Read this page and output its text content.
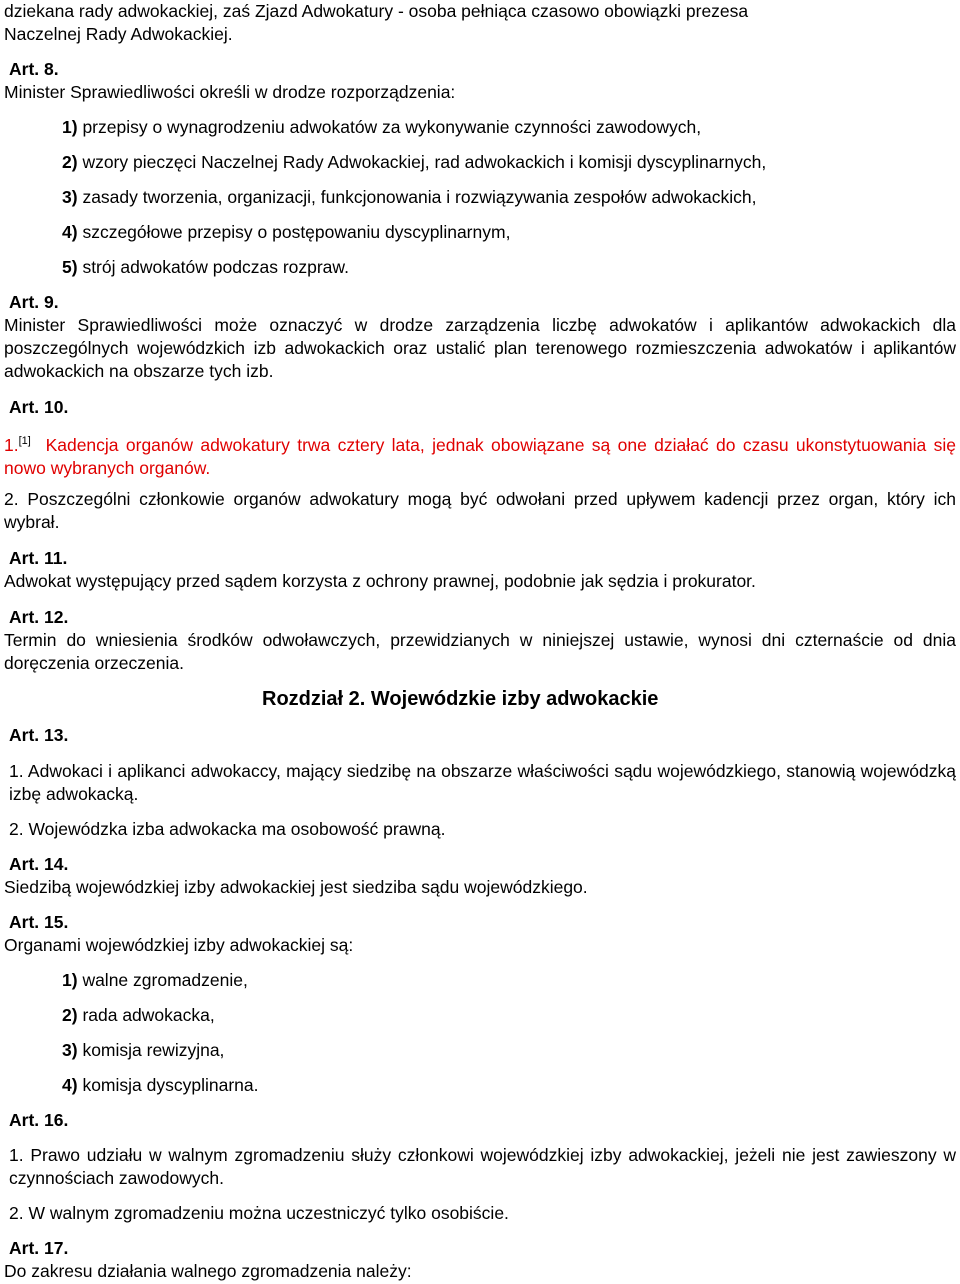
dziekana rady adwokackiej, zaś Zjazd Adwokatury - osoba pełniąca czasowo obowiązki prezesa

Naczelnej Rady Adwokackiej.

Art. 8.

Minister Sprawiedliwości określi w drodze rozporządzenia:

1)
przepisy o wynagrodzeniu adwokatów za wykonywanie czynności zawodowych,
2)
wzory pieczęci Naczelnej Rady Adwokackiej, rad adwokackich i komisji dyscyplinarnych,
3)
zasady tworzenia, organizacji, funkcjonowania i rozwiązywania zespołów adwokackich,
4)
szczegółowe przepisy o postępowaniu dyscyplinarnym,
5)
strój adwokatów podczas rozpraw.

Art. 9.

Minister Sprawiedliwości może oznaczyć w drodze zarządzenia liczbę adwokatów i aplikantów adwokackich dla poszczególnych wojewódzkich izb adwokackich oraz ustalić plan terenowego rozmieszczenia adwokatów i aplikantów adwokackich na obszarze tych izb.

Art. 10.

1.[1] Kadencja organów adwokatury trwa cztery lata, jednak obowiązane są one działać do czasu ukonstytuowania się nowo wybranych organów.

2. Poszczególni członkowie organów adwokatury mogą być odwołani przed upływem kadencji przez organ, który ich wybrał.

Art. 11.

Adwokat występujący przed sądem korzysta z ochrony prawnej, podobnie jak sędzia i prokurator.

Art. 12.

Termin do wniesienia środków odwoławczych, przewidzianych w niniejszej ustawie, wynosi dni czternaście od dnia doręczenia orzeczenia.

Rozdział 2. Wojewódzkie izby adwokackie

Art. 13.

1. Adwokaci i aplikanci adwokaccy, mający siedzibę na obszarze właściwości sądu wojewódzkiego, stanowią wojewódzką izbę adwokacką.

2. Wojewódzka izba adwokacka ma osobowość prawną.

Art. 14.

Siedzibą wojewódzkiej izby adwokackiej jest siedziba sądu wojewódzkiego.

Art. 15.

Organami wojewódzkiej izby adwokackiej są:

1)
walne zgromadzenie,
2)
rada adwokacka,
3)
komisja rewizyjna,
4)
komisja dyscyplinarna.

Art. 16.

1. Prawo udziału w walnym zgromadzeniu służy członkowi wojewódzkiej izby adwokackiej, jeżeli nie jest zawieszony w czynnościach zawodowych.

2. W walnym zgromadzeniu można uczestniczyć tylko osobiście.

Art. 17.

Do zakresu działania walnego zgromadzenia należy:
